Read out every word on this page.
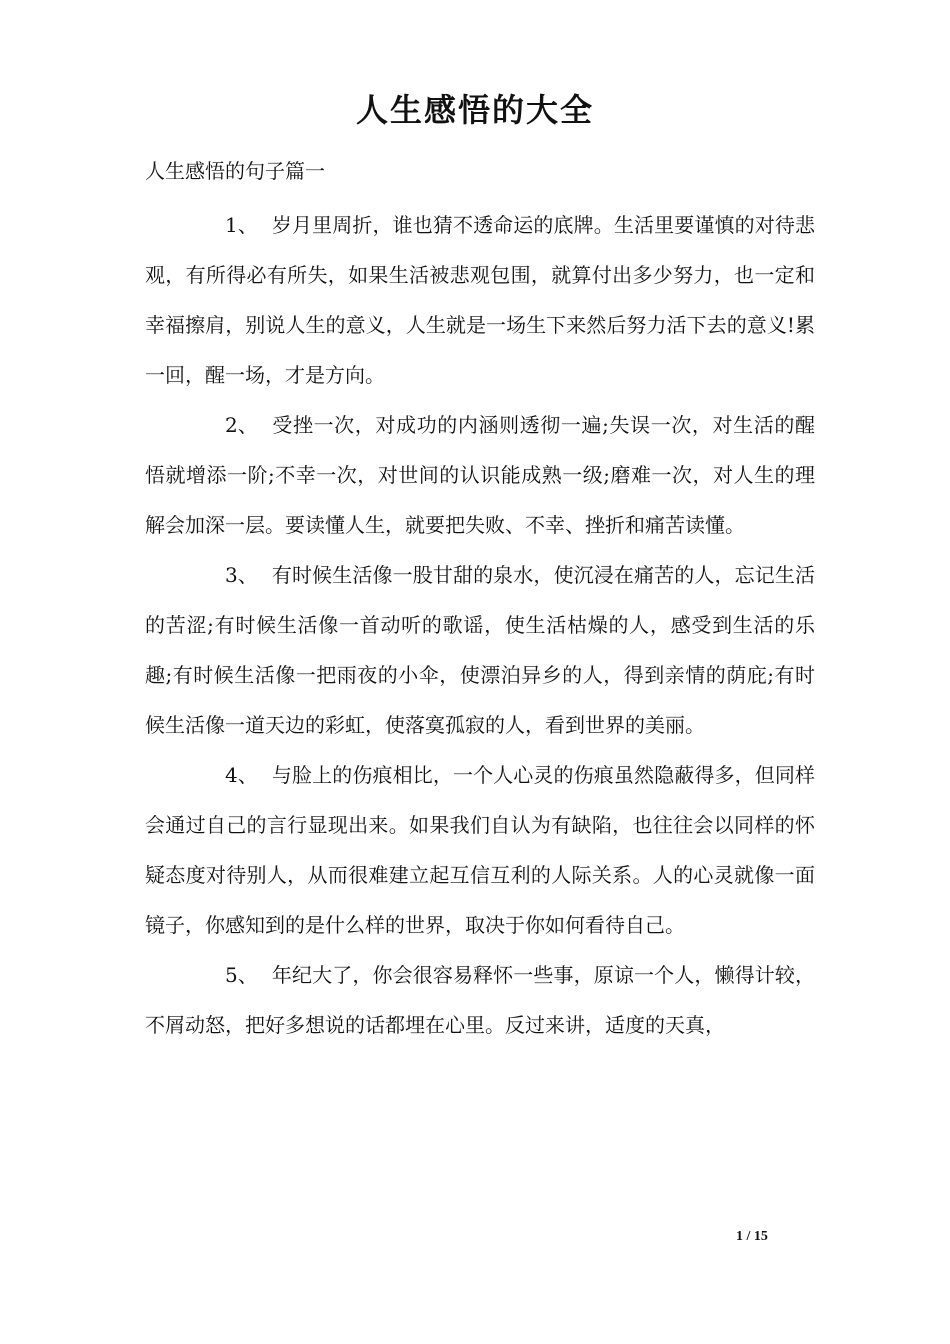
人生感悟的大全
人生感悟的句子篇一

1、 岁月里周折，谁也猜不透命运的底牌。生活里要谨慎的对待悲观，有所得必有所失，如果生活被悲观包围，就算付出多少努力，也一定和幸福擦肩，别说人生的意义，人生就是一场生下来然后努力活下去的意义!累一回，醒一场，才是方向。

2、 受挫一次，对成功的内涵则透彻一遍;失误一次，对生活的醒悟就增添一阶;不幸一次，对世间的认识能成熟一级;磨难一次，对人生的理解会加深一层。要读懂人生，就要把失败、不幸、挫折和痛苦读懂。

3、 有时候生活像一股甘甜的泉水，使沉浸在痛苦的人，忘记生活的苦涩;有时候生活像一首动听的歌谣，使生活枯燥的人，感受到生活的乐趣;有时候生活像一把雨夜的小伞，使漂泊异乡的人，得到亲情的荫庇;有时候生活像一道天边的彩虹，使落寞孤寂的人，看到世界的美丽。

4、 与脸上的伤痕相比，一个人心灵的伤痕虽然隐蔽得多，但同样会通过自己的言行显现出来。如果我们自认为有缺陷，也往往会以同样的怀疑态度对待别人，从而很难建立起互信互利的人际关系。人的心灵就像一面镜子，你感知到的是什么样的世界，取决于你如何看待自己。

5、 年纪大了，你会很容易释怀一些事，原谅一个人，懒得计较，不屑动怒，把好多想说的话都埋在心里。反过来讲，适度的天真，

1 / 15
